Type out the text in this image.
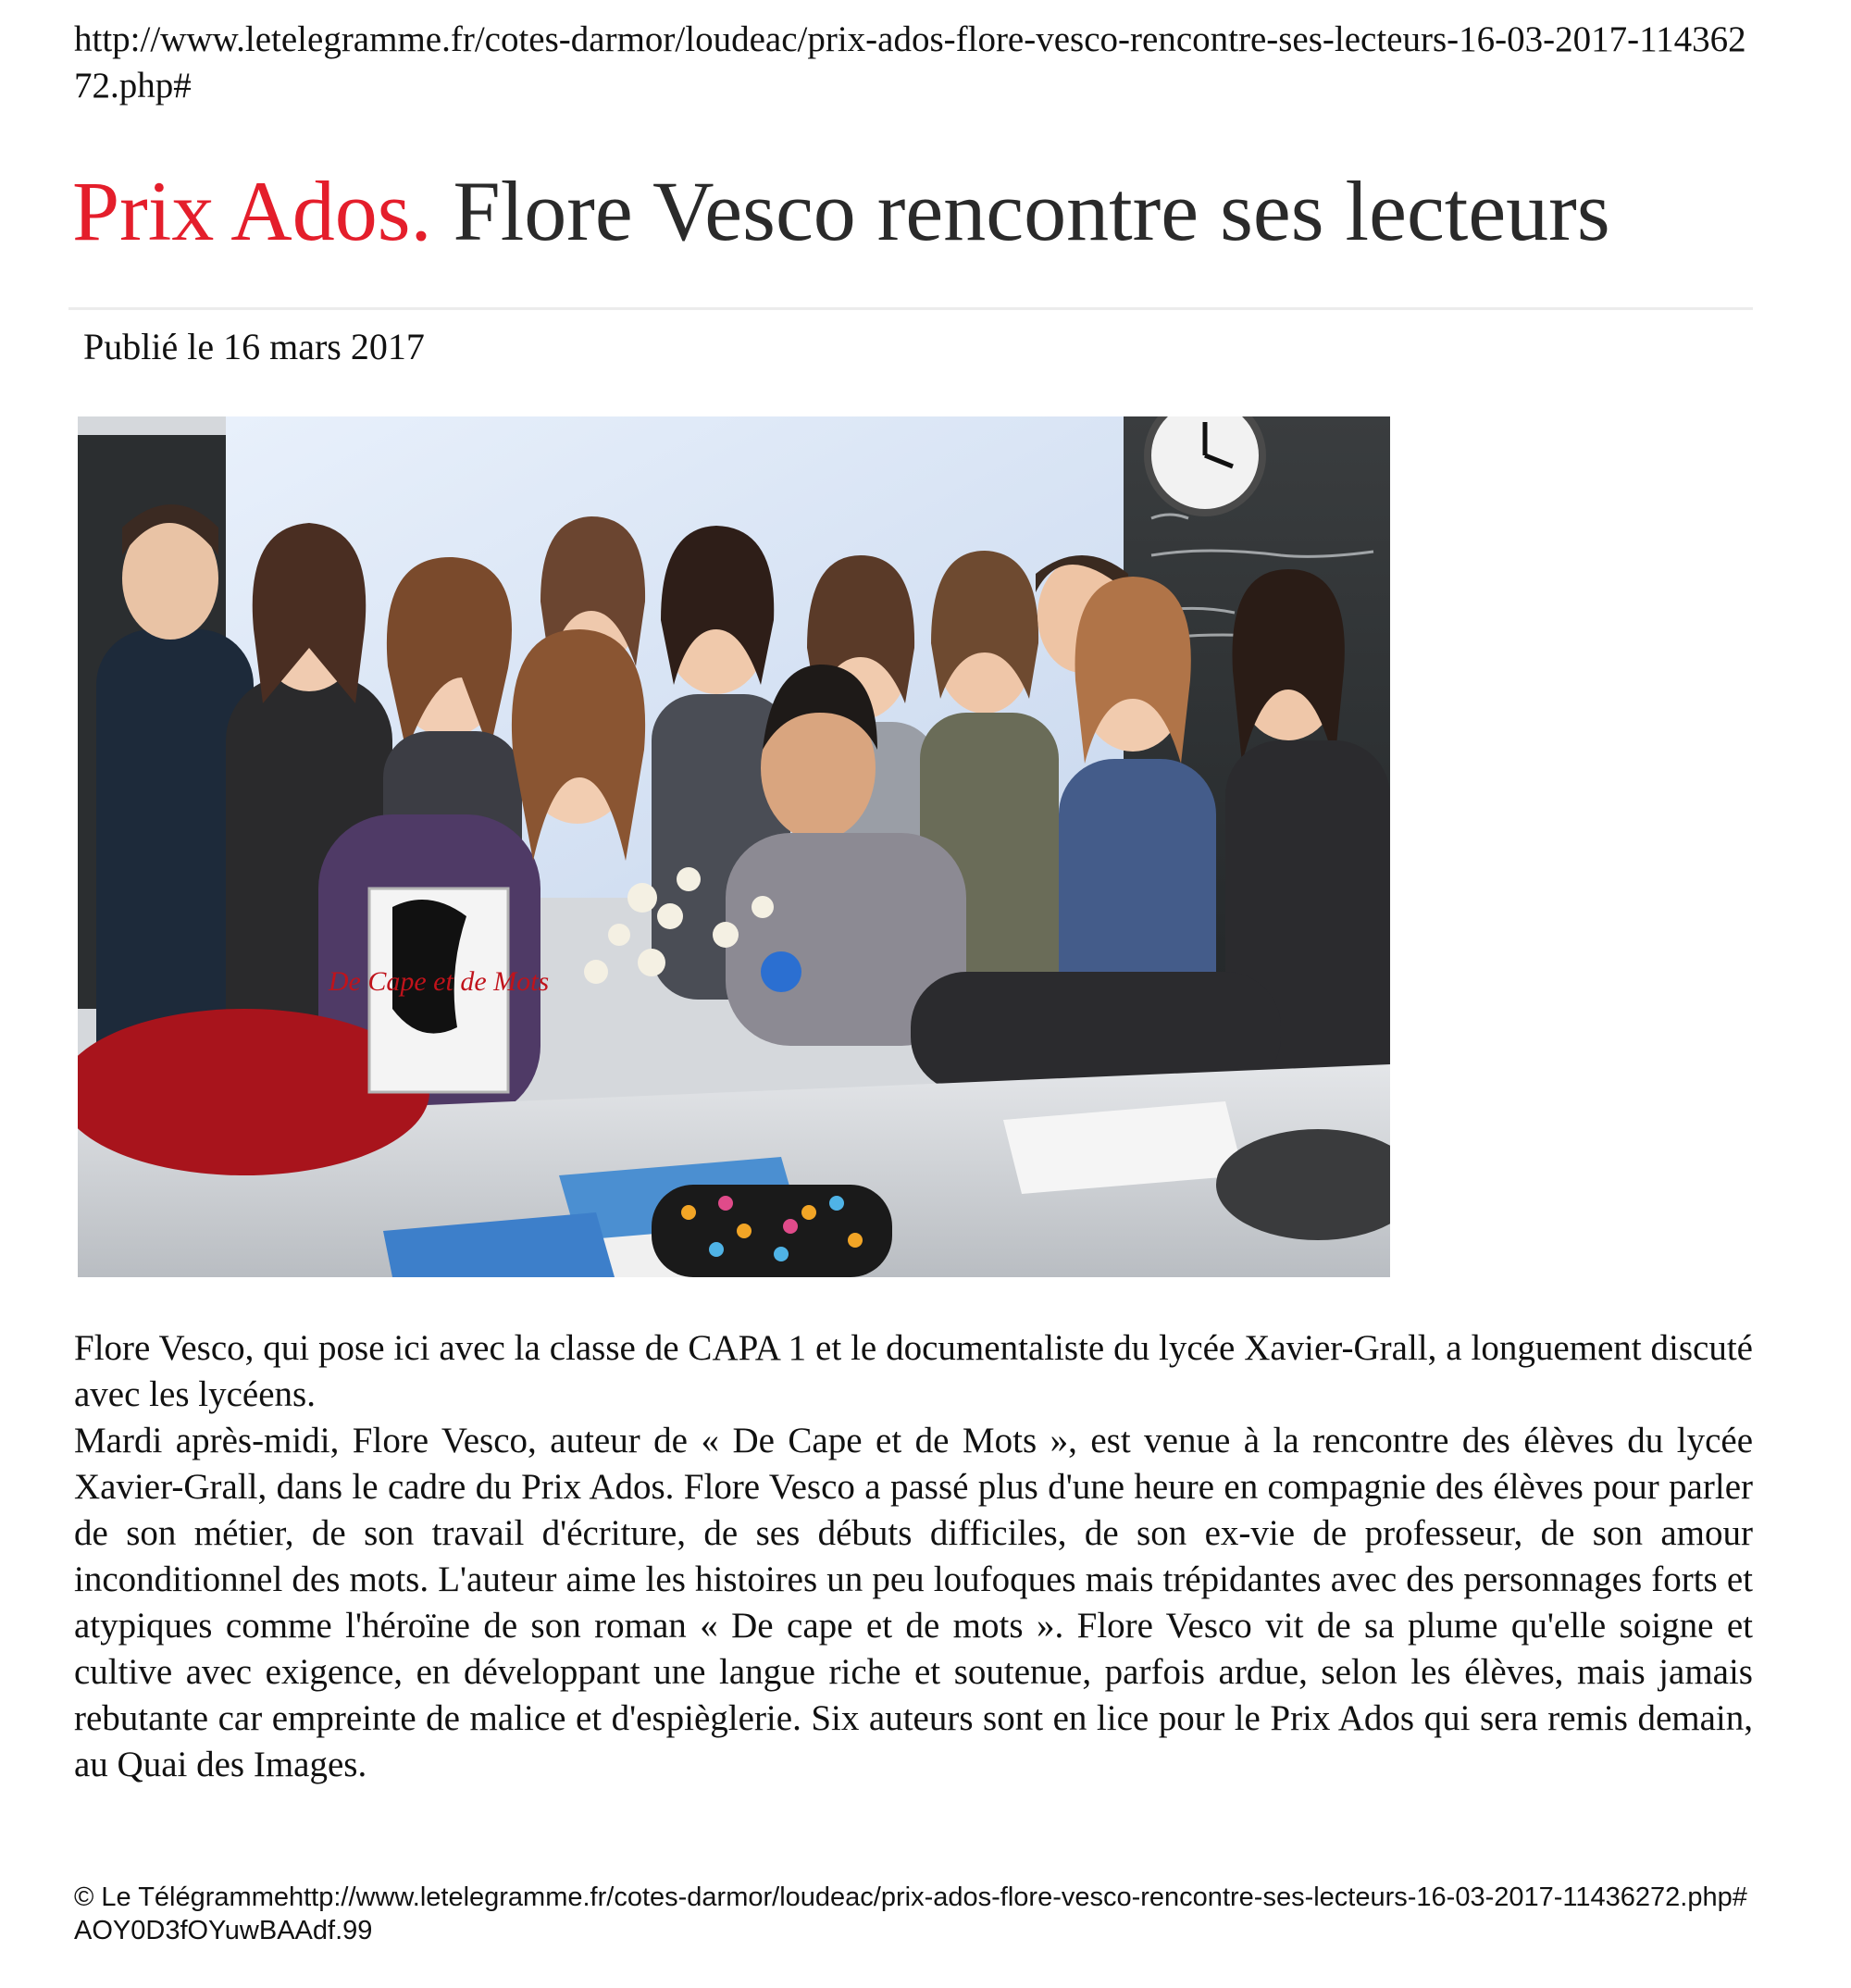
http://www.letelegramme.fr/cotes-darmor/loudeac/prix-ados-flore-vesco-rencontre-ses-lecteurs-16-03-2017-11436272.php#
Prix Ados. Flore Vesco rencontre ses lecteurs
Publié le 16 mars 2017
De Cape et de Mots

Flore Vesco, qui pose ici avec la classe de CAPA 1 et le documentaliste du lycée Xavier-Grall, a longuement discuté avec les lycéens.

Mardi après-midi, Flore Vesco, auteur de « De Cape et de Mots », est venue à la rencontre des élèves du lycée Xavier-Grall, dans le cadre du Prix Ados. Flore Vesco a passé plus d'une heure en compagnie des élèves pour parler de son métier, de son travail d'écriture, de ses débuts difficiles, de son ex-vie de professeur, de son amour inconditionnel des mots. L'auteur aime les histoires un peu loufoques mais trépidantes avec des personnages forts et atypiques comme l'héroïne de son roman « De cape et de mots ». Flore Vesco vit de sa plume qu'elle soigne et cultive avec exigence, en développant une langue riche et soutenue, parfois ardue, selon les élèves, mais jamais rebutante car empreinte de malice et d'espièglerie. Six auteurs sont en lice pour le Prix Ados qui sera remis demain, au Quai des Images.

© Le Télégrammehttp://www.letelegramme.fr/cotes-darmor/loudeac/prix-ados-flore-vesco-rencontre-ses-lecteurs-16-03-2017-11436272.php#AOY0D3fOYuwBAAdf.99
